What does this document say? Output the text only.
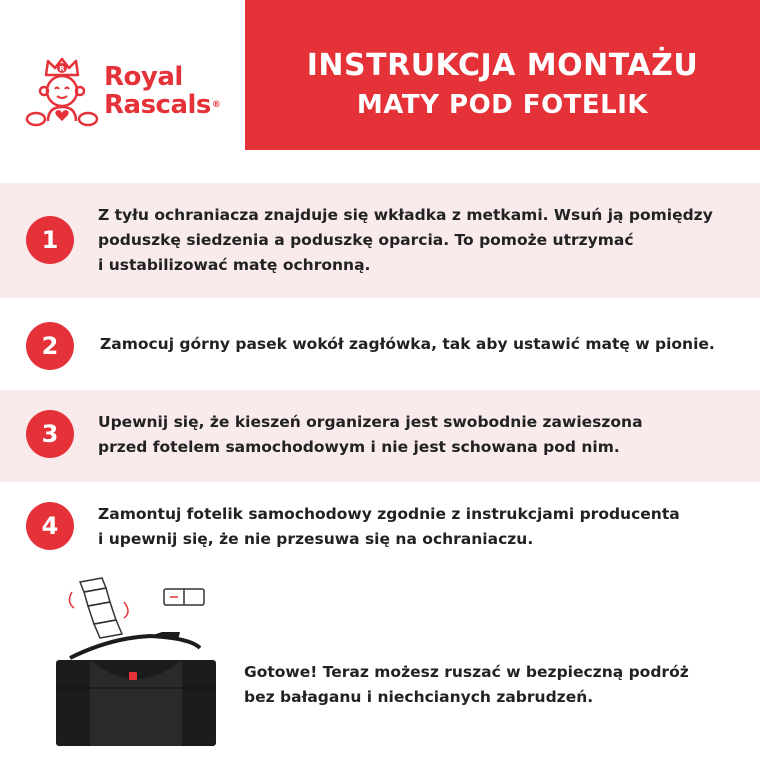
R Royal
Rascals®
INSTRUKCJA MONTAŻU
MATY POD FOTELIK
1
Z tyłu ochraniacza znajduje się wkładka z metkami. Wsuń ją pomiędzy
poduszkę siedzenia a poduszkę oparcia. To pomoże utrzymać
i ustabilizować matę ochronną.
2	Zamocuj górny pasek wokół zagłówka, tak aby ustawić matę w pionie.
3	Upewnij się, że kieszeń organizera jest swobodnie zawieszona
przed fotelem samochodowym i nie jest schowana pod nim.
4	Zamontuj fotelik samochodowy zgodnie z instrukcjami producenta
i upewnij się, że nie przesuwa się na ochraniaczu.
Gotowe! Teraz możesz ruszać w bezpieczną podróż
bez bałaganu i niechcianych zabrudzeń.
